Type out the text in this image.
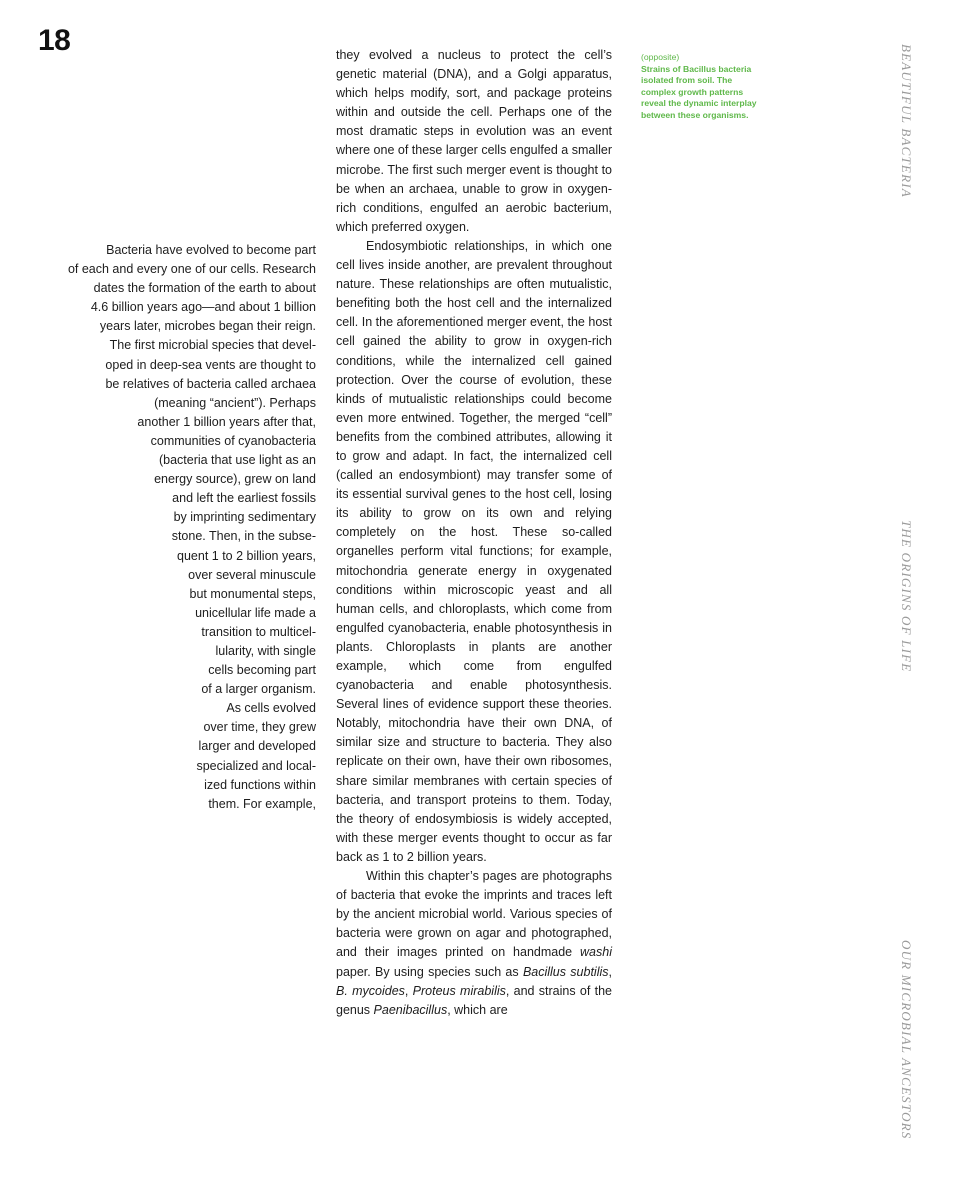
18
Bacteria have evolved to become part
of each and every one of our cells. Research
dates the formation of the earth to about
4.6 billion years ago—and about 1 billion
years later, microbes began their reign.
The first microbial species that devel-
oped in deep-sea vents are thought to
be relatives of bacteria called archaea
(meaning “ancient”). Perhaps
another 1 billion years after that,
communities of cyanobacteria
(bacteria that use light as an
energy source), grew on land
and left the earliest fossils
by imprinting sedimentary
stone. Then, in the subse-
quent 1 to 2 billion years,
over several minuscule
but monumental steps,
unicellular life made a
transition to multicel-
lularity, with single
cells becoming part
of a larger organism.
As cells evolved
over time, they grew
larger and developed
specialized and local-
ized functions within
them. For example,

they evolved a nucleus to protect the cell’s genetic material (DNA), and a Golgi apparatus, which helps modify, sort, and package proteins within and outside the cell. Perhaps one of the most dramatic steps in evolution was an event where one of these larger cells engulfed a smaller microbe. The first such merger event is thought to be when an archaea, unable to grow in oxygen-rich conditions, engulfed an aerobic bacterium, which preferred oxygen.

Endosymbiotic relationships, in which one cell lives inside another, are prevalent throughout nature. These relationships are often mutualistic, benefiting both the host cell and the internalized cell. In the aforementioned merger event, the host cell gained the ability to grow in oxygen-rich conditions, while the internalized cell gained protection. Over the course of evolution, these kinds of mutualistic relationships could become even more entwined. Together, the merged “cell” benefits from the combined attributes, allowing it to grow and adapt. In fact, the internalized cell (called an endosymbiont) may transfer some of its essential survival genes to the host cell, losing its ability to grow on its own and relying completely on the host. These so-called organelles perform vital functions; for example, mitochondria generate energy in oxygenated conditions within microscopic yeast and all human cells, and chloroplasts, which come from engulfed cyanobacteria, enable photosynthesis in plants. Chloroplasts in plants are another example, which come from engulfed cyanobacteria and enable photosynthesis. Several lines of evidence support these theories. Notably, mitochondria have their own DNA, of similar size and structure to bacteria. They also replicate on their own, have their own ribosomes, share similar membranes with certain species of bacteria, and transport proteins to them. Today, the theory of endosymbiosis is widely accepted, with these merger events thought to occur as far back as 1 to 2 billion years.

Within this chapter’s pages are photographs of bacteria that evoke the imprints and traces left by the ancient microbial world. Various species of bacteria were grown on agar and photographed, and their images printed on handmade washi paper. By using species such as Bacillus subtilis, B. mycoides, Proteus mirabilis, and strains of the genus Paenibacillus, which are

(opposite)
Strains of Bacillus bacteria isolated from soil. The complex growth patterns reveal the dynamic interplay between these organisms.	BEAUTIFUL BACTERIA
THE ORIGINS OF LIFE
OUR MICROBIAL ANCESTORS
